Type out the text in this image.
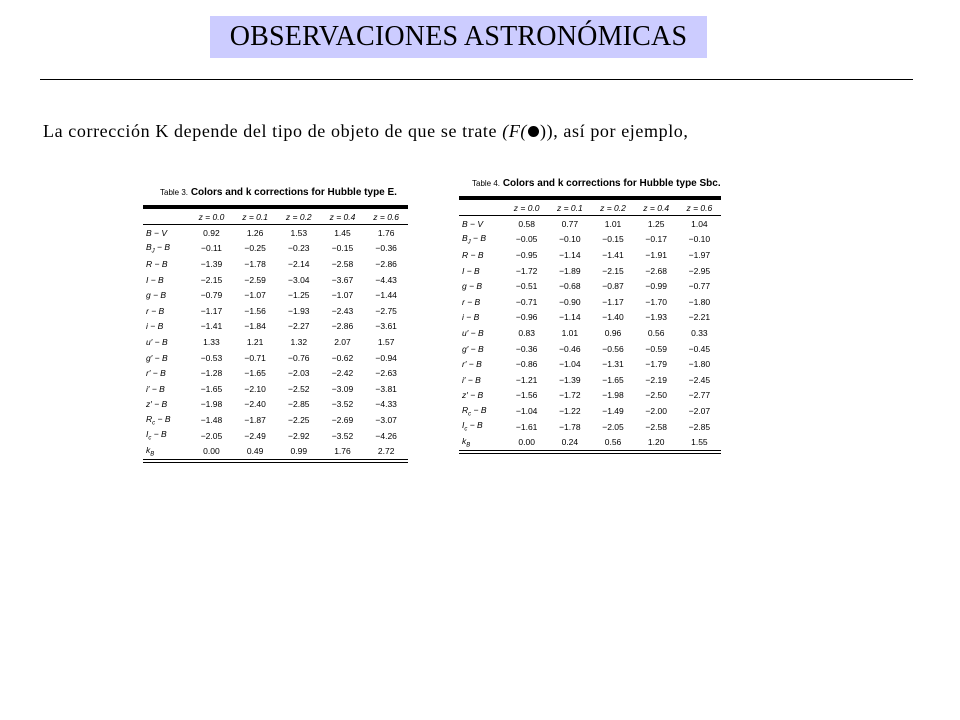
OBSERVACIONES ASTRONÓMICAS
La corrección K depende del tipo de objeto de que se trate (F( )), así por ejemplo,
Table 3. Colors and k corrections for Hubble type E.
	z = 0.0	z = 0.1	z = 0.2	z = 0.4	z = 0.6
B − V	0.92	1.26	1.53	1.45	1.76
$B_J - B$	−0.11	−0.25	−0.23	−0.15	−0.36
R − B	−1.39	−1.78	−2.14	−2.58	−2.86
I − B	−2.15	−2.59	−3.04	−3.67	−4.43
g − B	−0.79	−1.07	−1.25	−1.07	−1.44
r − B	−1.17	−1.56	−1.93	−2.43	−2.75
i − B	−1.41	−1.84	−2.27	−2.86	−3.61
u′ − B	1.33	1.21	1.32	2.07	1.57
g′ − B	−0.53	−0.71	−0.76	−0.62	−0.94
r′ − B	−1.28	−1.65	−2.03	−2.42	−2.63
i′ − B	−1.65	−2.10	−2.52	−3.09	−3.81
z′ − B	−1.98	−2.40	−2.85	−3.52	−4.33
$R_c - B$	−1.48	−1.87	−2.25	−2.69	−3.07
$I_c - B$	−2.05	−2.49	−2.92	−3.52	−4.26
$k_B$	0.00	0.49	0.99	1.76	2.72
Table 4. Colors and k corrections for Hubble type Sbc.
	z = 0.0	z = 0.1	z = 0.2	z = 0.4	z = 0.6
B − V	0.58	0.77	1.01	1.25	1.04
$B_J - B$	−0.05	−0.10	−0.15	−0.17	−0.10
R − B	−0.95	−1.14	−1.41	−1.91	−1.97
I − B	−1.72	−1.89	−2.15	−2.68	−2.95
g − B	−0.51	−0.68	−0.87	−0.99	−0.77
r − B	−0.71	−0.90	−1.17	−1.70	−1.80
i − B	−0.96	−1.14	−1.40	−1.93	−2.21
u′ − B	0.83	1.01	0.96	0.56	0.33
g′ − B	−0.36	−0.46	−0.56	−0.59	−0.45
r′ − B	−0.86	−1.04	−1.31	−1.79	−1.80
i′ − B	−1.21	−1.39	−1.65	−2.19	−2.45
z′ − B	−1.56	−1.72	−1.98	−2.50	−2.77
$R_c - B$	−1.04	−1.22	−1.49	−2.00	−2.07
$I_c - B$	−1.61	−1.78	−2.05	−2.58	−2.85
$k_B$	0.00	0.24	0.56	1.20	1.55
